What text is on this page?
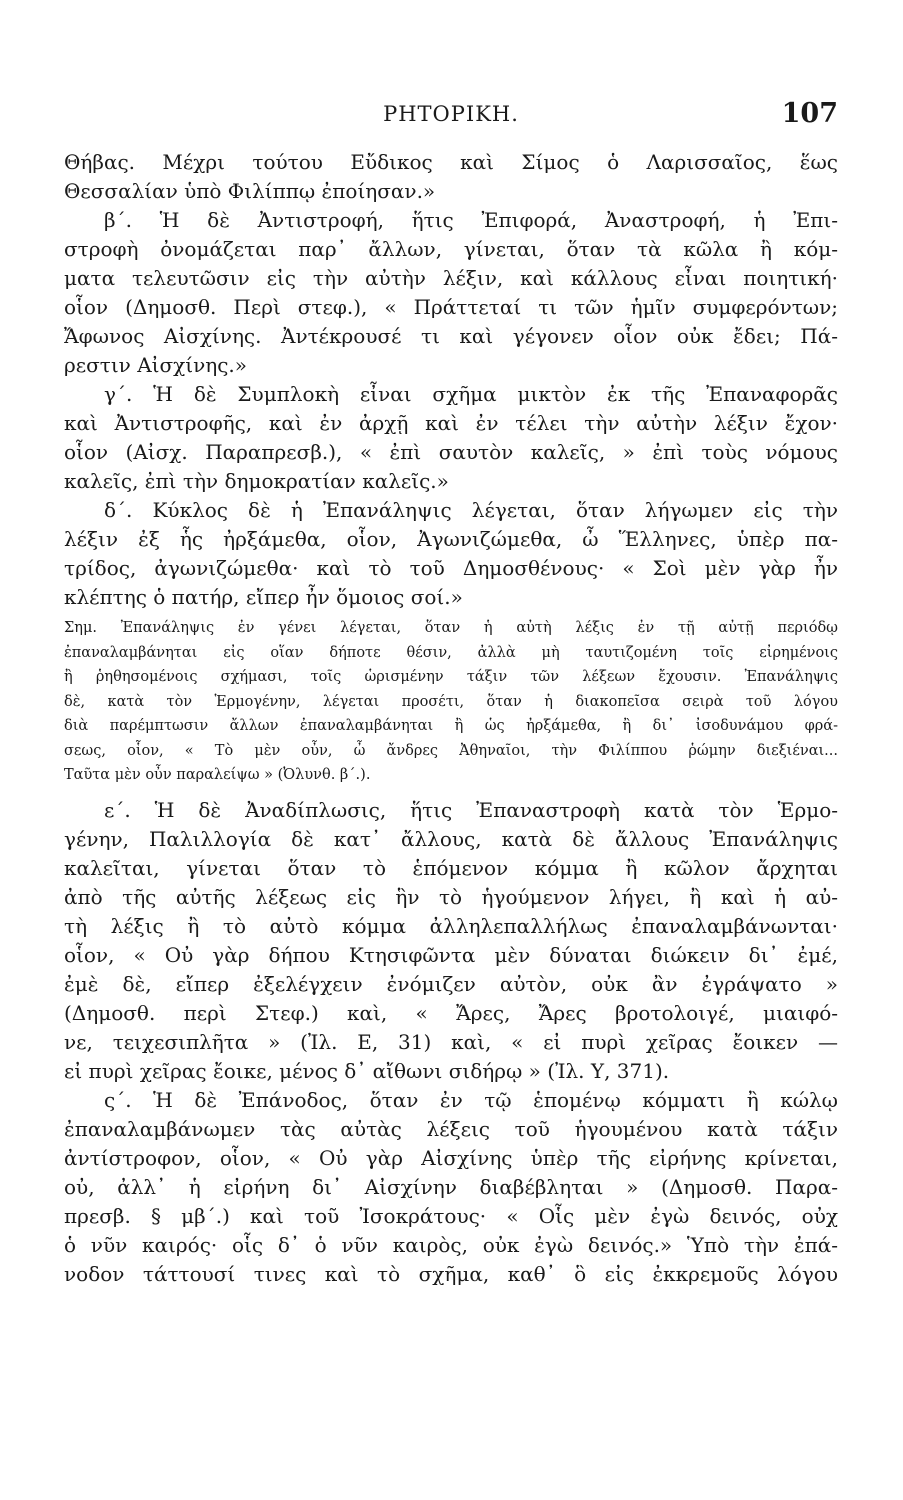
ΡΗΤΟΡΙΚΗ.	107
Θήβας. Μέχρι τούτου Εὔδικος καὶ Σίμος ὁ Λαρισσαῖος, ἕως
Θεσσαλίαν ὑπὸ Φιλίππῳ ἐποίησαν.»
β΄. Ἡ δὲ Ἀντιστροφή, ἥτις Ἐπιφορά, Ἀναστροφή, ἡ Ἐπι-
στροφὴ ὀνομάζεται παρ᾽ ἄλλων, γίνεται, ὅταν τὰ κῶλα ἢ κόμ-
ματα τελευτῶσιν εἰς τὴν αὐτὴν λέξιν, καὶ κάλλους εἶναι ποιητική·
οἷον (Δημοσθ. Περὶ στεφ.), « Πράττεταί τι τῶν ἡμῖν συμφερόντων;
Ἄφωνος Αἰσχίνης. Ἀντέκρουσέ τι καὶ γέγονεν οἷον οὐκ ἔδει; Πά-
ρεστιν Αἰσχίνης.»
γ΄. Ἡ δὲ Συμπλοκὴ εἶναι σχῆμα μικτὸν ἐκ τῆς Ἐπαναφορᾶς
καὶ Ἀντιστροφῆς, καὶ ἐν ἀρχῇ καὶ ἐν τέλει τὴν αὐτὴν λέξιν ἔχον·
οἷον (Αἰσχ. Παραπρεσβ.), « ἐπὶ σαυτὸν καλεῖς, » ἐπὶ τοὺς νόμους
καλεῖς, ἐπὶ τὴν δημοκρατίαν καλεῖς.»
δ΄. Κύκλος δὲ ἡ Ἐπανάληψις λέγεται, ὅταν λήγωμεν εἰς τὴν
λέξιν ἐξ ἧς ἠρξάμεθα, οἷον, Ἀγωνιζώμεθα, ὦ Ἕλληνες, ὑπὲρ πα-
τρίδος, ἀγωνιζώμεθα· καὶ τὸ τοῦ Δημοσθένους· « Σοὶ μὲν γὰρ ἦν
κλέπτης ὁ πατήρ, εἴπερ ἦν ὅμοιος σοί.»
Σημ. Ἐπανάληψις ἐν γένει λέγεται, ὅταν ἡ αὐτὴ λέξις ἐν τῇ αὐτῇ περιόδῳ
ἐπαναλαμβάνηται εἰς οἵαν δήποτε θέσιν, ἀλλὰ μὴ ταυτιζομένη τοῖς εἰρημένοις
ἢ ῥηθησομένοις σχήμασι, τοῖς ὡρισμένην τάξιν τῶν λέξεων ἔχουσιν. Ἐπανάληψις
δὲ, κατὰ τὸν Ἑρμογένην, λέγεται προσέτι, ὅταν ἡ διακοπεῖσα σειρὰ τοῦ λόγου
διὰ παρέμπτωσιν ἄλλων ἐπαναλαμβάνηται ἢ ὡς ἠρξάμεθα, ἢ δι᾽ ἰσοδυνάμου φρά-
σεως, οἷον, « Τὸ μὲν οὖν, ὦ ἄνδρες Ἀθηναῖοι, τὴν Φιλίππου ῥώμην διεξιέναι...
Ταῦτα μὲν οὖν παραλείψω » (Ὀλυνθ. β΄.).
ε΄. Ἡ δὲ Ἀναδίπλωσις, ἥτις Ἐπαναστροφὴ κατὰ τὸν Ἑρμο-
γένην, Παλιλλογία δὲ κατ᾽ ἄλλους, κατὰ δὲ ἄλλους Ἐπανάληψις
καλεῖται, γίνεται ὅταν τὸ ἑπόμενον κόμμα ἢ κῶλον ἄρχηται
ἀπὸ τῆς αὐτῆς λέξεως εἰς ἣν τὸ ἡγούμενον λήγει, ἢ καὶ ἡ αὐ-
τὴ λέξις ἢ τὸ αὐτὸ κόμμα ἀλληλεπαλλήλως ἐπαναλαμβάνωνται·
οἷον, « Οὐ γὰρ δήπου Κτησιφῶντα μὲν δύναται διώκειν δι᾽ ἐμέ,
ἐμὲ δὲ, εἴπερ ἐξελέγχειν ἐνόμιζεν αὐτὸν, οὐκ ἂν ἐγράψατο »
(Δημοσθ. περὶ Στεφ.) καὶ, « Ἄρες, Ἄρες βροτολοιγέ, μιαιφό-
νε, τειχεσιπλῆτα » (Ἰλ. Ε, 31) καὶ, « εἰ πυρὶ χεῖρας ἔοικεν —
εἰ πυρὶ χεῖρας ἔοικε, μένος δ᾽ αἴθωνι σιδήρῳ » (Ἰλ. Υ, 371).
ς΄. Ἡ δὲ Ἐπάνοδος, ὅταν ἐν τῷ ἑπομένῳ κόμματι ἢ κώλῳ
ἐπαναλαμβάνωμεν τὰς αὐτὰς λέξεις τοῦ ἡγουμένου κατὰ τάξιν
ἀντίστροφον, οἷον, « Οὐ γὰρ Αἰσχίνης ὑπὲρ τῆς εἰρήνης κρίνεται,
οὐ, ἀλλ᾽ ἡ εἰρήνη δι᾽ Αἰσχίνην διαβέβληται » (Δημοσθ. Παρα-
πρεσβ. § μβ΄.) καὶ τοῦ Ἰσοκράτους· « Οἷς μὲν ἐγὼ δεινός, οὐχ
ὁ νῦν καιρός· οἷς δ᾽ ὁ νῦν καιρὸς, οὐκ ἐγὼ δεινός.» Ὑπὸ τὴν ἐπά-
νοδον τάττουσί τινες καὶ τὸ σχῆμα, καθ᾽ ὃ εἰς ἐκκρεμοῦς λόγου
